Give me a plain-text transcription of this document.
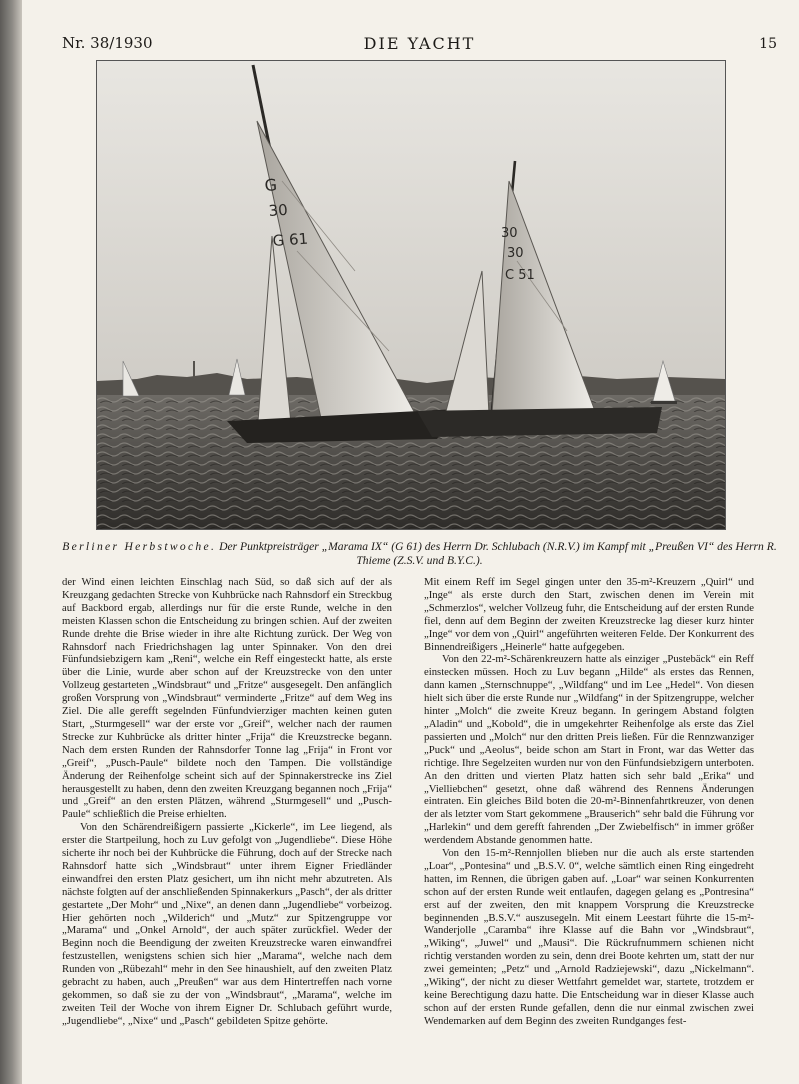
Nr. 38/1930	DIE YACHT	15
G
30
G 61	30
30
C 51
Berliner Herbstwoche. Der Punktpreisträger „Marama IX“ (G 61) des Herrn Dr. Schlubach (N.R.V.) im Kampf mit „Preußen VI“ des Herrn R. Thieme (Z.S.V. und B.Y.C.).

der Wind einen leichten Einschlag nach Süd, so daß sich auf der als Kreuzgang gedachten Strecke von Kuhbrücke nach Rahnsdorf ein Streckbug auf Backbord ergab, allerdings nur für die erste Runde, welche in den meisten Klassen schon die Entscheidung zu bringen schien. Auf der zweiten Runde drehte die Brise wieder in ihre alte Richtung zurück. Der Weg von Rahnsdorf nach Friedrichshagen lag unter Spinnaker. Von den drei Fünfundsiebzigern kam „Reni“, welche ein Reff eingesteckt hatte, als erste über die Linie, wurde aber schon auf der Kreuzstrecke von den unter Vollzeug gestarteten „Windsbraut“ und „Fritze“ ausgesegelt. Den anfänglich großen Vorsprung von „Windsbraut“ verminderte „Fritze“ auf dem Weg ins Ziel. Die alle gerefft segelnden Fünfundvierziger machten keinen guten Start, „Sturmgesell“ war der erste vor „Greif“, welcher nach der raumen Strecke zur Kuhbrücke als dritter hinter „Frija“ die Kreuzstrecke begann. Nach dem ersten Runden der Rahnsdorfer Tonne lag „Frija“ in Front vor „Greif“, „Pusch-Paule“ bildete noch den Tampen. Die vollständige Änderung der Reihenfolge scheint sich auf der Spinnakerstrecke ins Ziel herausgestellt zu haben, denn den zweiten Kreuzgang begannen noch „Frija“ und „Greif“ an den ersten Plätzen, während „Sturmgesell“ und „Pusch-Paule“ schließlich die Preise erhielten.

Von den Schärendreißigern passierte „Kickerle“, im Lee liegend, als erster die Startpeilung, hoch zu Luv gefolgt von „Jugendliebe“. Diese Höhe sicherte ihr noch bei der Kuhbrücke die Führung, doch auf der Strecke nach Rahnsdorf hatte sich „Windsbraut“ unter ihrem Eigner Friedländer einwandfrei den ersten Platz gesichert, um ihn nicht mehr abzutreten. Als nächste folgten auf der anschließenden Spinnakerkurs „Pasch“, der als dritter gestartete „Der Mohr“ und „Nixe“, an denen dann „Jugendliebe“ vorbeizog. Hier gehörten noch „Wilderich“ und „Mutz“ zur Spitzengruppe vor „Marama“ und „Onkel Arnold“, der auch später zurückfiel. Weder der Beginn noch die Beendigung der zweiten Kreuzstrecke waren einwandfrei festzustellen, wenigstens schien sich hier „Marama“, welche nach dem Runden von „Rübezahl“ mehr in den See hinaushielt, auf den zweiten Platz gebracht zu haben, auch „Preußen“ war aus dem Hintertreffen nach vorne gekommen, so daß sie zu der von „Windsbraut“, „Marama“, welche im zweiten Teil der Woche von ihrem Eigner Dr. Schlubach geführt wurde, „Jugendliebe“, „Nixe“ und „Pasch“ gebildeten Spitze gehörte.

Mit einem Reff im Segel gingen unter den 35-m²-Kreuzern „Quirl“ und „Inge“ als erste durch den Start, zwischen denen im Verein mit „Schmerzlos“, welcher Vollzeug fuhr, die Entscheidung auf der ersten Runde fiel, denn auf dem Beginn der zweiten Kreuzstrecke lag dieser kurz hinter „Inge“ vor dem von „Quirl“ angeführten weiteren Felde. Der Konkurrent des Binnendreißigers „Heinerle“ hatte aufgegeben.

Von den 22-m²-Schärenkreuzern hatte als einziger „Pustebäck“ ein Reff einstecken müssen. Hoch zu Luv begann „Hilde“ als erstes das Rennen, dann kamen „Sternschnuppe“, „Wildfang“ und im Lee „Hedel“. Von diesen hielt sich über die erste Runde nur „Wildfang“ in der Spitzengruppe, welcher hinter „Molch“ die zweite Kreuz begann. In geringem Abstand folgten „Aladin“ und „Kobold“, die in umgekehrter Reihenfolge als erste das Ziel passierten und „Molch“ nur den dritten Preis ließen. Für die Rennzwanziger „Puck“ und „Aeolus“, beide schon am Start in Front, war das Wetter das richtige. Ihre Segelzeiten wurden nur von den Fünfundsiebzigern unterboten. An den dritten und vierten Platz hatten sich sehr bald „Erika“ und „Vielliebchen“ gesetzt, ohne daß während des Rennens Änderungen eintraten. Ein gleiches Bild boten die 20-m²-Binnenfahrtkreuzer, von denen der als letzter vom Start gekommene „Brauserich“ sehr bald die Führung vor „Harlekin“ und dem gerefft fahrenden „Der Zwiebelfisch“ in immer größer werdendem Abstande genommen hatte.

Von den 15-m²-Rennjollen blieben nur die auch als erste startenden „Loar“, „Pontesina“ und „B.S.V. 0“, welche sämtlich einen Ring eingedreht hatten, im Rennen, die übrigen gaben auf. „Loar“ war seinen Konkurrenten schon auf der ersten Runde weit entlaufen, dagegen gelang es „Pontresina“ erst auf der zweiten, den mit knappem Vorsprung die Kreuzstrecke beginnenden „B.S.V.“ auszusegeln. Mit einem Leestart führte die 15-m²-Wanderjolle „Caramba“ ihre Klasse auf die Bahn vor „Windsbraut“, „Wiking“, „Juwel“ und „Mausi“. Die Rückrufnummern schienen nicht richtig verstanden worden zu sein, denn drei Boote kehrten um, statt der nur zwei gemeinten; „Petz“ und „Arnold Radziejewski“, dazu „Nickelmann“. „Wiking“, der nicht zu dieser Wettfahrt gemeldet war, startete, trotzdem er keine Berechtigung dazu hatte. Die Entscheidung war in dieser Klasse auch schon auf der ersten Runde gefallen, denn die nur einmal zwischen zwei Wendemarken auf dem Beginn des zweiten Rundganges fest-
